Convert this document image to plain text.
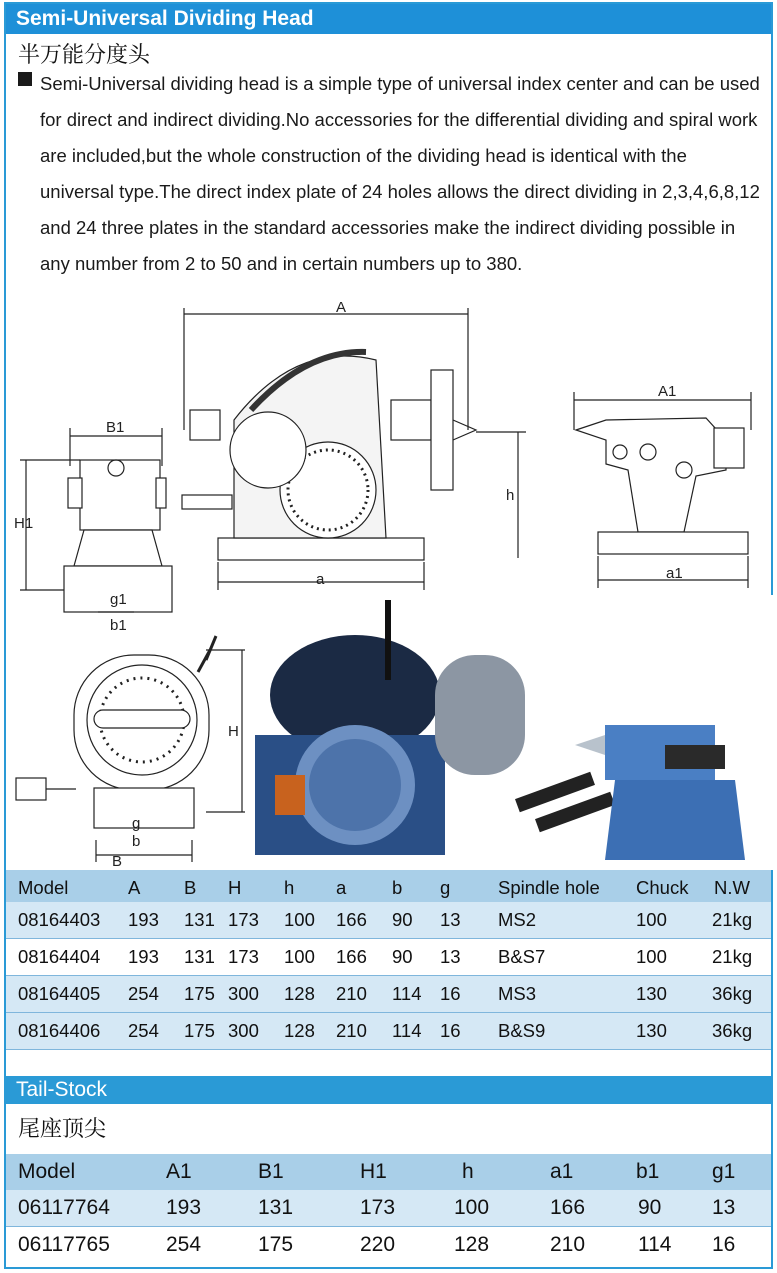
Semi-Universal Dividing Head
半万能分度头
Semi-Universal dividing head is a simple type of universal index center and can be used for direct and indirect dividing.No accessories for the differential dividing and spiral work are included,but the whole construction of the dividing head is identical with the universal type.The direct index plate of 24 holes allows the direct dividing in 2,3,4,6,8,12 and 24 three plates in the standard accessories make the indirect dividing possible in any number from 2 to 50 and in certain numbers up to 380.
A
A1
B1
H1
h
a	a1
g1
b1
H
g
b
B
Model	A B H h a b g	Spindle hole Chuck N.W
08164403 193 131 173 100 166 90 13 MS2	100 21kg
08164404 193 131 173 100 166 90 13 B&S7	100 21kg
08164405 254 175 300 128 210 114 16 MS3	130 36kg
08164406 254 175 300 128 210 114 16 B&S9	130 36kg
Tail-Stock
尾座顶尖
Model	A1	B1	H1	h	a1	b1	g1
06117764	193	131	173	100	166	90 13
06117765	254	175	220	128	210	114 16
